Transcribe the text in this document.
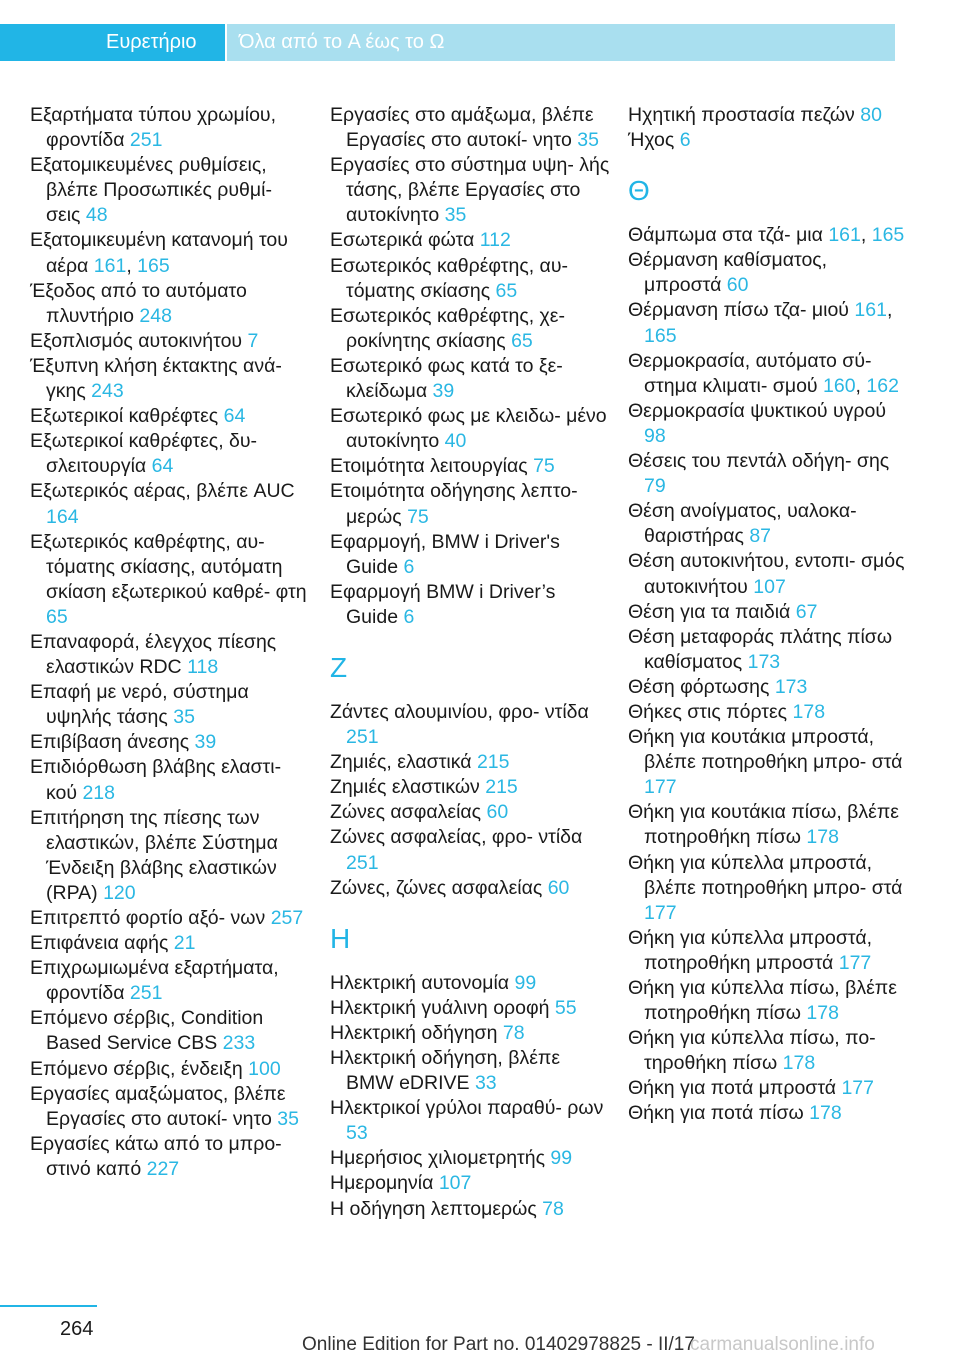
Ευρετήριο	Όλα από το A έως το Ω
Εξαρτήματα τύπου χρωμίου, φροντίδα 251
Εξατομικευμένες ρυθμίσεις, βλέπε Προσωπικές ρυθμί‐ σεις 48
Εξατομικευμένη κατανομή του αέρα 161, 165
Έξοδος από το αυτόματο πλυντήριο 248
Εξοπλισμός αυτοκινήτου 7
Έξυπνη κλήση έκτακτης ανά‐ γκης 243
Εξωτερικοί καθρέφτες 64
Εξωτερικοί καθρέφτες, δυ‐ σλειτουργία 64
Εξωτερικός αέρας, βλέπε AUC 164
Εξωτερικός καθρέφτης, αυ‐ τόματης σκίασης, αυτόματη σκίαση εξωτερικού καθρέ‐ φτη 65
Επαναφορά, έλεγχος πίεσης ελαστικών RDC 118
Επαφή με νερό, σύστημα υψηλής τάσης 35
Επιβίβαση άνεσης 39
Επιδιόρθωση βλάβης ελαστι‐ κού 218
Επιτήρηση της πίεσης των ελαστικών, βλέπε Σύστημα Ένδειξη βλάβης ελαστικών (RPA) 120
Επιτρεπτό φορτίο αξό‐ νων 257
Επιφάνεια αφής 21
Επιχρωμιωμένα εξαρτήματα, φροντίδα 251
Επόμενο σέρβις, Condition Based Service CBS 233
Επόμενο σέρβις, ένδειξη 100
Εργασίες αμαξώματος, βλέπε Εργασίες στο αυτοκί‐ νητο 35
Εργασίες κάτω από το μπρο‐ στινό καπό 227
Εργασίες στο αμάξωμα, βλέπε Εργασίες στο αυτοκί‐ νητο 35
Εργασίες στο σύστημα υψη‐ λής τάσης, βλέπε Εργασίες στο αυτοκίνητο 35
Εσωτερικά φώτα 112
Εσωτερικός καθρέφτης, αυ‐ τόματης σκίασης 65
Εσωτερικός καθρέφτης, χε‐ ροκίνητης σκίασης 65
Εσωτερικό φως κατά το ξε‐ κλείδωμα 39
Εσωτερικό φως με κλειδω‐ μένο αυτοκίνητο 40
Ετοιμότητα λειτουργίας 75
Ετοιμότητα οδήγησης λεπτο‐ μερώς 75
Εφαρμογή, BMW i Driver's Guide 6
Εφαρμογή BMW i Driver’s Guide 6
Z
Ζάντες αλουμινίου, φρο‐ ντίδα 251
Ζημιές, ελαστικά 215
Ζημιές ελαστικών 215
Ζώνες ασφαλείας 60
Ζώνες ασφαλείας, φρο‐ ντίδα 251
Ζώνες, ζώνες ασφαλείας 60
H
Ηλεκτρική αυτονομία 99
Ηλεκτρική γυάλινη οροφή 55
Ηλεκτρική οδήγηση 78
Ηλεκτρική οδήγηση, βλέπε BMW eDRIVE 33
Ηλεκτρικοί γρύλοι παραθύ‐ ρων 53
Ημερήσιος χιλιομετρητής 99
Ημερομηνία 107
Η οδήγηση λεπτομερώς 78
Ηχητική προστασία πεζών 80
Ήχος 6
Θ
Θάμπωμα στα τζά‐ μια 161, 165
Θέρμανση καθίσματος, μπροστά 60
Θέρμανση πίσω τζα‐ μιού 161, 165
Θερμοκρασία, αυτόματο σύ‐ στημα κλιματι‐ σμού 160, 162
Θερμοκρασία ψυκτικού υγρού 98
Θέσεις του πεντάλ οδήγη‐ σης 79
Θέση ανοίγματος, υαλοκα‐ θαριστήρας 87
Θέση αυτοκινήτου, εντοπι‐ σμός αυτοκινήτου 107
Θέση για τα παιδιά 67
Θέση μεταφοράς πλάτης πίσω καθίσματος 173
Θέση φόρτωσης 173
Θήκες στις πόρτες 178
Θήκη για κουτάκια μπροστά, βλέπε ποτηροθήκη μπρο‐ στά 177
Θήκη για κουτάκια πίσω, βλέπε ποτηροθήκη πίσω 178
Θήκη για κύπελλα μπροστά, βλέπε ποτηροθήκη μπρο‐ στά 177
Θήκη για κύπελλα μπροστά, ποτηροθήκη μπροστά 177
Θήκη για κύπελλα πίσω, βλέπε ποτηροθήκη πίσω 178
Θήκη για κύπελλα πίσω, πο‐ τηροθήκη πίσω 178
Θήκη για ποτά μπροστά 177
Θήκη για ποτά πίσω 178
264
Online Edition for Part no. 01402978825 - II/17
carmanualsonline.info
